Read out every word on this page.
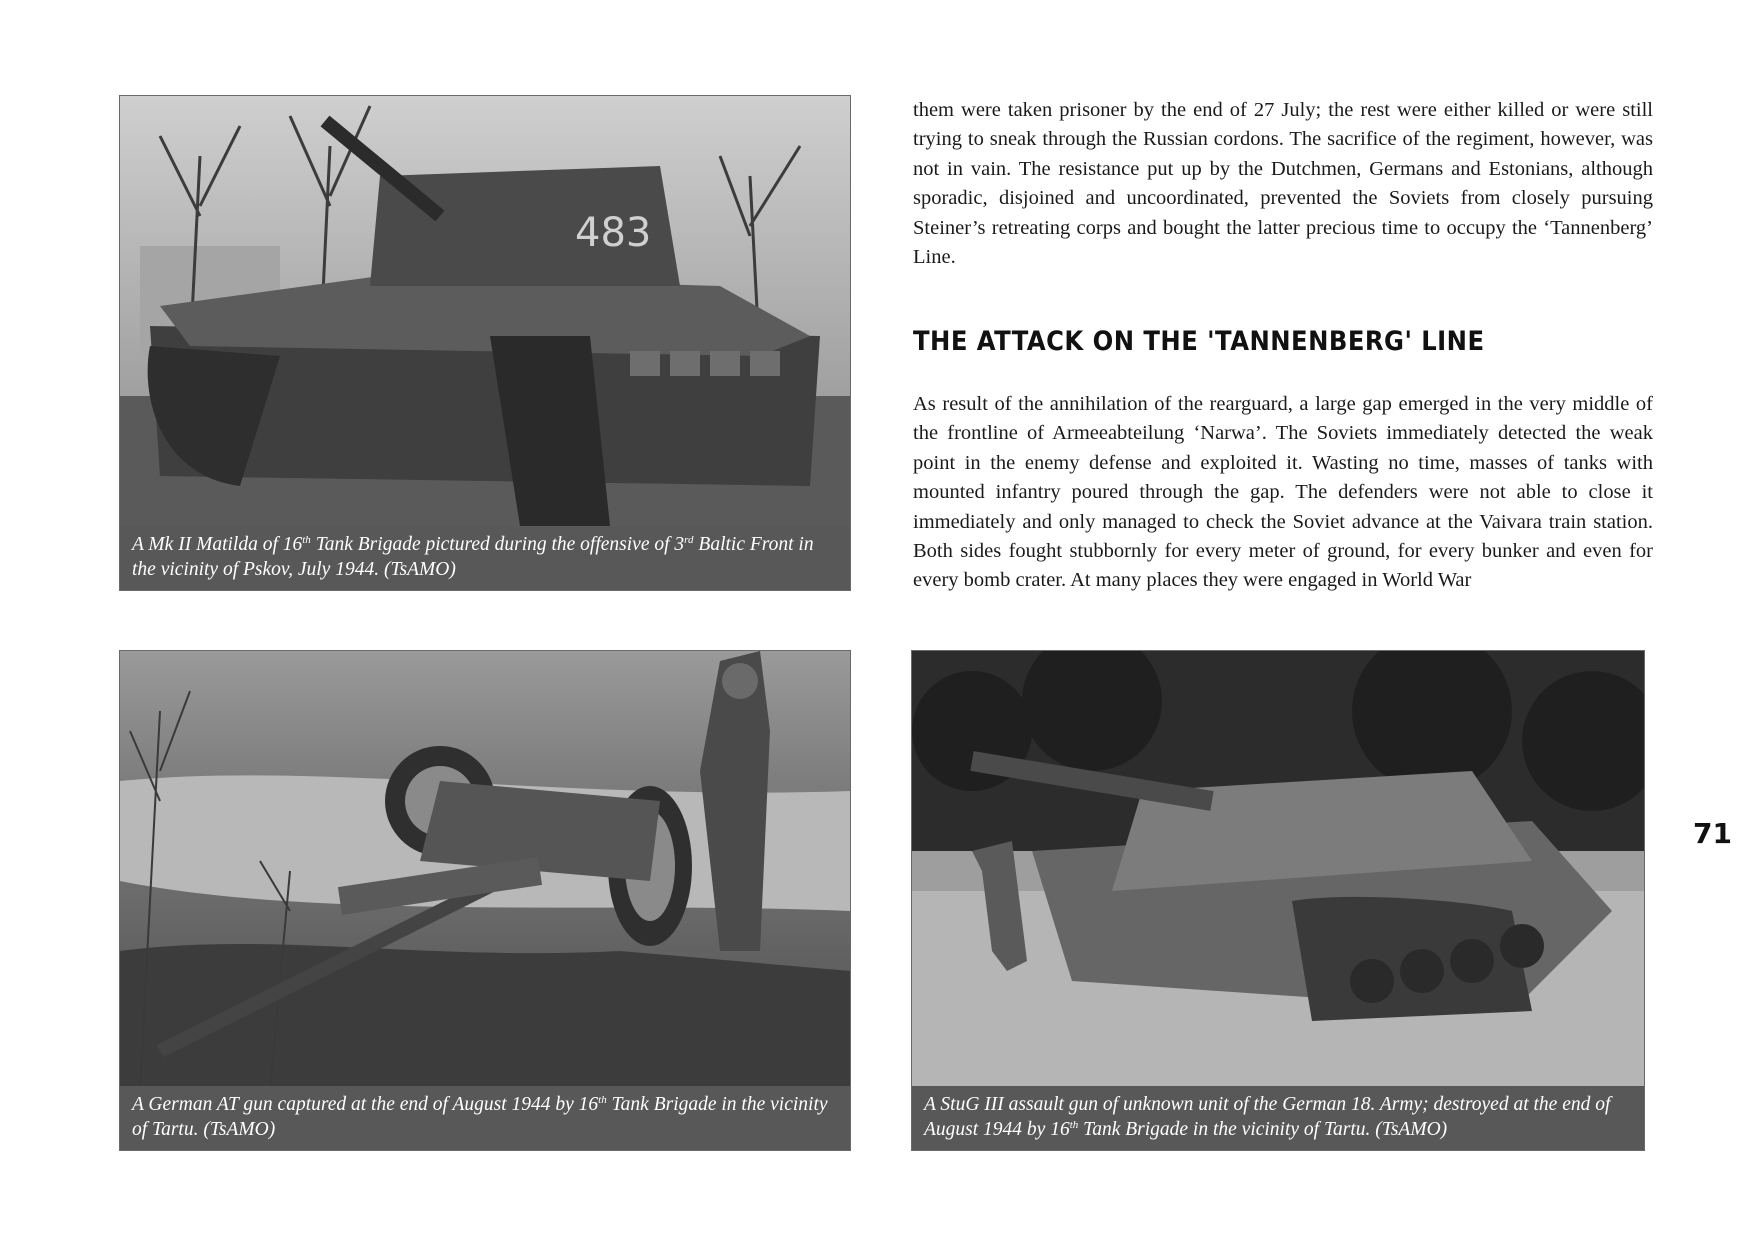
483
A Mk II Matilda of 16th Tank Brigade pictured during the offensive of 3rd Baltic Front in the vicinity of Pskov, July 1944. (TsAMO)

them were taken prisoner by the end of 27 July; the rest were either killed or were still trying to sneak through the Russian cordons. The sacrifice of the regiment, however, was not in vain. The resistance put up by the Dutchmen, Germans and Estonians, although sporadic, disjoined and uncoordinated, prevented the Soviets from closely pursuing Steiner’s retreating corps and bought the latter precious time to occupy the ‘Tannenberg’ Line.

THE ATTACK ON THE 'TANNENBERG' LINE

As result of the annihilation of the rearguard, a large gap emerged in the very middle of the frontline of Armeeabteilung ‘Narwa’. The Soviets immediately detected the weak point in the enemy defense and exploited it. Wasting no time, masses of tanks with mounted infantry poured through the gap. The defenders were not able to close it immediately and only managed to check the Soviet advance at the Vaivara train station. Both sides fought stubbornly for every meter of ground, for every bunker and even for every bomb crater. At many places they were engaged in World War

A German AT gun captured at the end of August 1944 by 16th Tank Brigade in the vicinity of Tartu. (TsAMO)
A StuG III assault gun of unknown unit of the German 18. Army; destroyed at the end of August 1944 by 16th Tank Brigade in the vicinity of Tartu. (TsAMO)
71
